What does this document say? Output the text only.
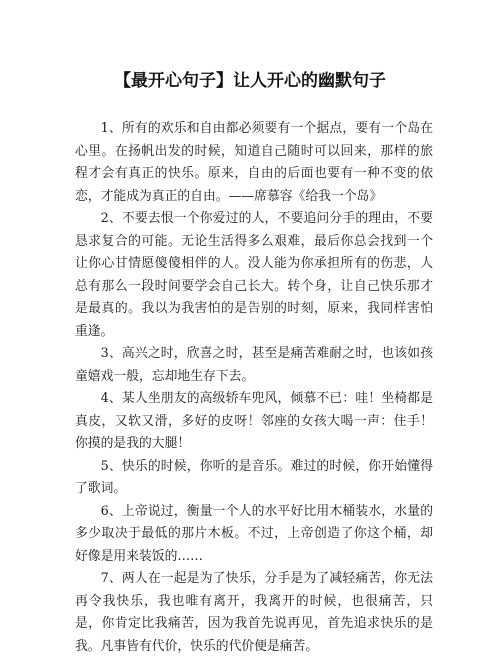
【最开心句子】让人开心的幽默句子

1、所有的欢乐和自由都必须要有一个据点，要有一个岛在心里。在扬帆出发的时候，知道自己随时可以回来，那样的旅程才会有真正的快乐。原来，自由的后面也要有一种不变的依恋，才能成为真正的自由。——席慕容《给我一个岛》

2、不要去恨一个你爱过的人，不要追问分手的理由，不要恳求复合的可能。无论生活得多么艰难，最后你总会找到一个让你心甘情愿傻傻相伴的人。没人能为你承担所有的伤悲，人总有那么一段时间要学会自己长大。转个身，让自己快乐那才是最真的。我以为我害怕的是告别的时刻，原来，我同样害怕重逢。

3、高兴之时，欣喜之时，甚至是痛苦难耐之时，也该如孩童嬉戏一般，忘却地生存下去。

4、某人坐朋友的高级轿车兜风，倾慕不已：哇！坐椅都是真皮，又软又滑，多好的皮呀！邻座的女孩大喝一声：住手！你摸的是我的大腿！

5、快乐的时候，你听的是音乐。难过的时候，你开始懂得了歌词。

6、上帝说过，衡量一个人的水平好比用木桶装水，水量的多少取决于最低的那片木板。不过，上帝创造了你这个桶，却好像是用来装饭的……

7、两人在一起是为了快乐，分手是为了减轻痛苦，你无法再令我快乐，我也唯有离开，我离开的时候，也很痛苦，只是，你肯定比我痛苦，因为我首先说再见，首先追求快乐的是我。凡事皆有代价，快乐的代价便是痛苦。
